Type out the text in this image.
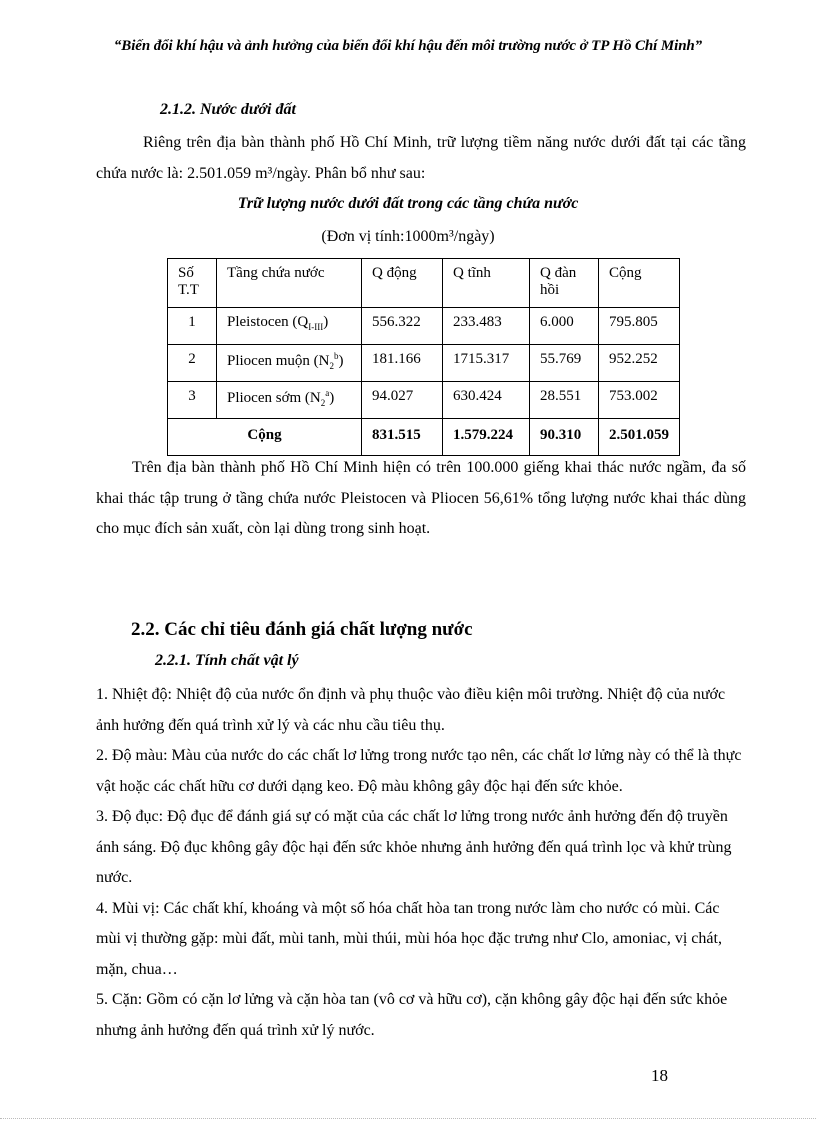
“Biến đổi khí hậu và ảnh hưởng của biến đổi khí hậu đến môi trường nước ở TP Hồ Chí Minh”
2.1.2. Nước dưới đất

Riêng trên địa bàn thành phố Hồ Chí Minh, trữ lượng tiềm năng nước dưới đất tại các tầng chứa nước là: 2.501.059 m³/ngày. Phân bổ như sau:

Trữ lượng nước dưới đất trong các tầng chứa nước
(Đơn vị tính:1000m³/ngày)
Số T.T	Tầng chứa nước	Q động	Q tĩnh	Q đàn hồi	Cộng
1	Pleistocen $(Q_{I-III})$	556.322	233.483	6.000	795.805
2	Pliocen muộn $(N_2^b)$	181.166	1715.317	55.769	952.252
3	Pliocen sớm $(N_2^a)$	94.027	630.424	28.551	753.002
Cộng		831.515	1.579.224	90.310	2.501.059

Trên địa bàn thành phố Hồ Chí Minh hiện có trên 100.000 giếng khai thác nước ngầm, đa số khai thác tập trung ở tầng chứa nước Pleistocen và Pliocen 56,61% tổng lượng nước khai thác dùng cho mục đích sản xuất, còn lại dùng trong sinh hoạt.

2.2. Các chỉ tiêu đánh giá chất lượng nước
2.2.1. Tính chất vật lý

1. Nhiệt độ: Nhiệt độ của nước ổn định và phụ thuộc vào điều kiện môi trường. Nhiệt độ của nước ảnh hưởng đến quá trình xử lý và các nhu cầu tiêu thụ.

2. Độ màu: Màu của nước do các chất lơ lửng trong nước tạo nên, các chất lơ lửng này có thể là thực vật hoặc các chất hữu cơ dưới dạng keo. Độ màu không gây độc hại đến sức khỏe.

3. Độ đục: Độ đục để đánh giá sự có mặt của các chất lơ lửng trong nước ảnh hưởng đến độ truyền ánh sáng. Độ đục không gây độc hại đến sức khỏe nhưng ảnh hưởng đến quá trình lọc và khử trùng nước.

4. Mùi vị: Các chất khí, khoáng và một số hóa chất hòa tan trong nước làm cho nước có mùi. Các mùi vị thường gặp: mùi đất, mùi tanh, mùi thúi, mùi hóa học đặc trưng như Clo, amoniac, vị chát, mặn, chua…

5. Cặn: Gồm có cặn lơ lửng và cặn hòa tan (vô cơ và hữu cơ), cặn không gây độc hại đến sức khỏe nhưng ảnh hưởng đến quá trình xử lý nước.

18
